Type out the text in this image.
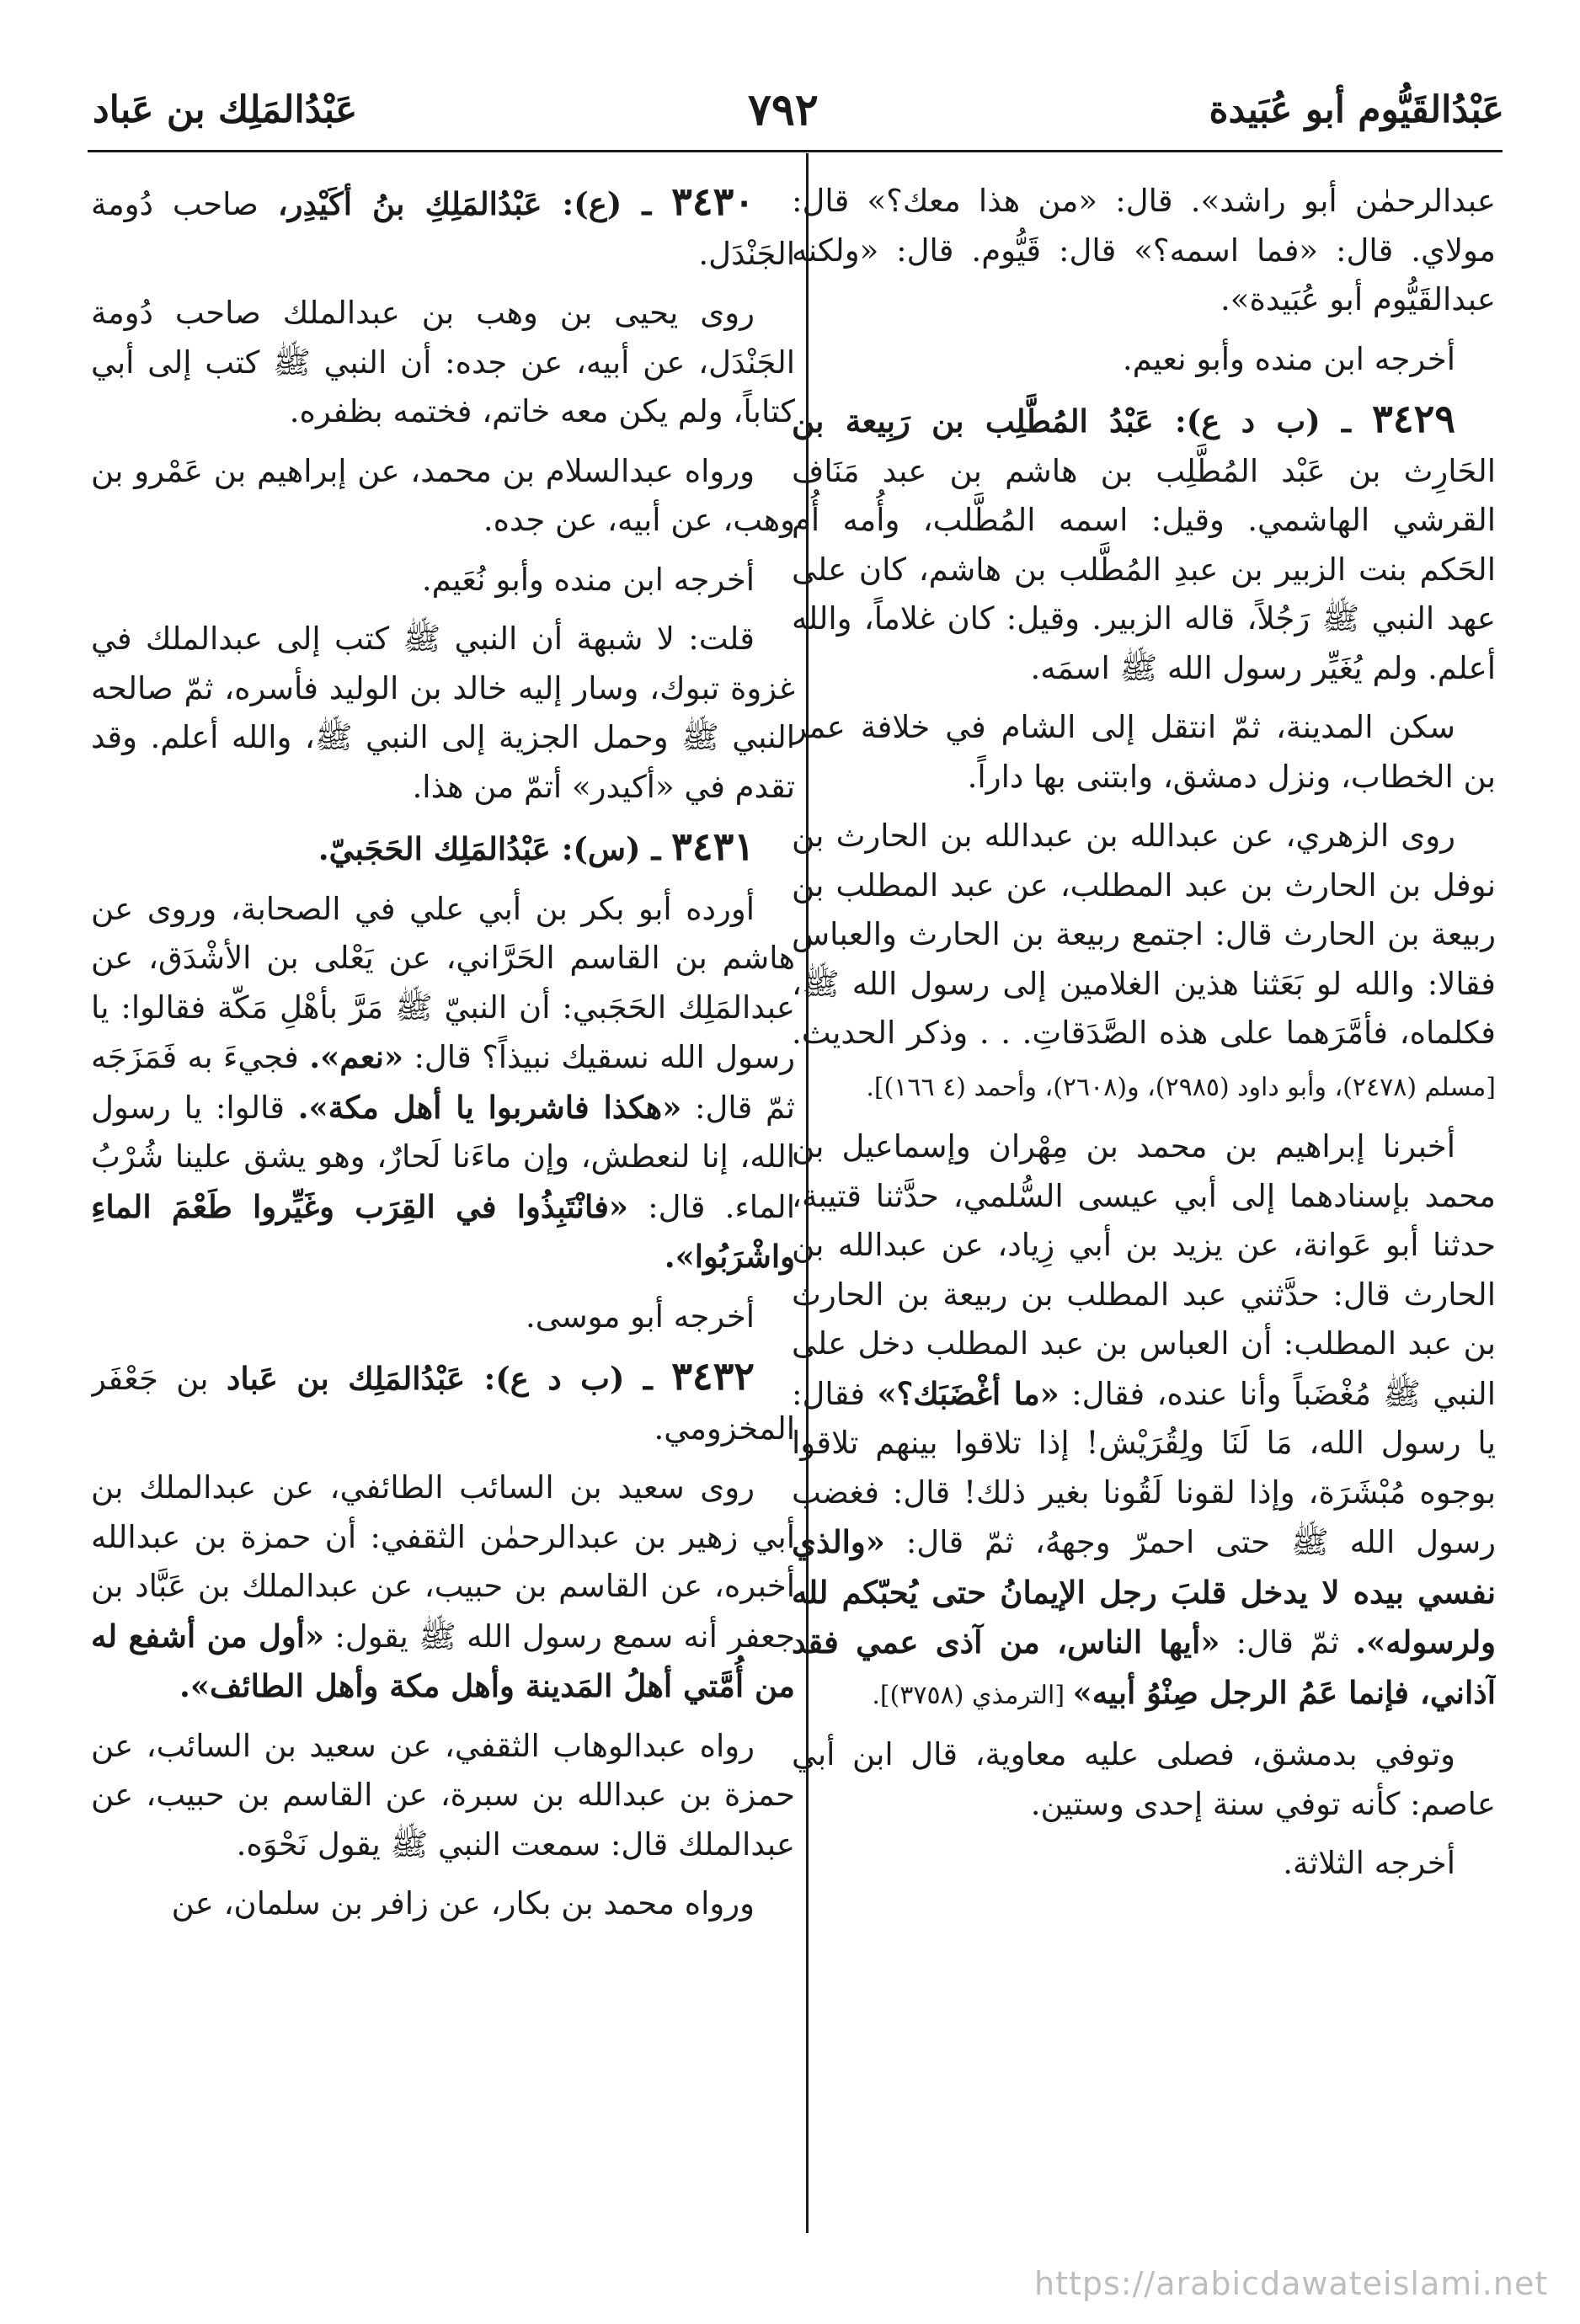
عَبْدُالقَيُّوم أبو عُبَيدة
٧٩٢
عَبْدُالمَلِك بن عَباد

عبدالرحمٰن أبو راشد». قال: «من هذا معك؟» قال: مولاي. قال: «فما اسمه؟» قال: قَيُّوم. قال: «ولكنه عبدالقَيُّوم أبو عُبَيدة».

أخرجه ابن منده وأبو نعيم.

٣٤٢٩ ـ (ب د ع): عَبْدُ المُطَّلِب بن رَبِيعة بن الحَارِث بن عَبْد المُطَّلِب بن هاشم بن عبد مَنَاف القرشي الهاشمي. وقيل: اسمه المُطَّلب، وأُمه أُم الحَكم بنت الزبير بن عبدِ المُطَّلب بن هاشم، كان على عهد النبي ﷺ رَجُلاً، قاله الزبير. وقيل: كان غلاماً، والله أعلم. ولم يُغَيِّر رسول الله ﷺ اسمَه.

سكن المدينة، ثمّ انتقل إلى الشام في خلافة عمر بن الخطاب، ونزل دمشق، وابتنى بها داراً.

روى الزهري، عن عبدالله بن عبدالله بن الحارث بن نوفل بن الحارث بن عبد المطلب، عن عبد المطلب بن ربيعة بن الحارث قال: اجتمع ربيعة بن الحارث والعباس فقالا: والله لو بَعَثنا هذين الغلامين إلى رسول الله ﷺ، فكلماه، فأمَّرَهما على هذه الصَّدَقاتِ. . . وذكر الحديث. [مسلم (٢٤٧٨)، وأبو داود (٢٩٨٥)، و(٢٦٠٨)، وأحمد (٤ ١٦٦)].

أخبرنا إبراهيم بن محمد بن مِهْران وإسماعيل بن محمد بإسنادهما إلى أبي عيسى السُّلمي، حدَّثنا قتيبة، حدثنا أبو عَوانة، عن يزيد بن أبي زِياد، عن عبدالله بن الحارث قال: حدَّثني عبد المطلب بن ربيعة بن الحارث بن عبد المطلب: أن العباس بن عبد المطلب دخل على النبي ﷺ مُغْضَباً وأنا عنده، فقال: «ما أغْضَبَك؟» فقال: يا رسول الله، مَا لَنَا ولِقُرَيْش! إذا تلاقوا بينهم تلاقوا بوجوه مُبْشَرَة، وإذا لقونا لَقُونا بغير ذلك! قال: فغضب رسول الله ﷺ حتى احمرّ وجههُ، ثمّ قال: «والذي نفسي بيده لا يدخل قلبَ رجل الإيمانُ حتى يُحبّكم لله ولرسوله». ثمّ قال: «أيها الناس، من آذى عمي فقد آذاني، فإنما عَمُ الرجل صِنْوُ أبيه» [الترمذي (٣٧٥٨)].

وتوفي بدمشق، فصلى عليه معاوية، قال ابن أبي عاصم: كأنه توفي سنة إحدى وستين.

أخرجه الثلاثة.

٣٤٣٠ ـ (ع): عَبْدُالمَلِكِ بنُ أكَيْدِر، صاحب دُومة الجَنْدَل.

روى يحيى بن وهب بن عبدالملك صاحب دُومة الجَنْدَل، عن أبيه، عن جده: أن النبي ﷺ كتب إلى أبي كتاباً، ولم يكن معه خاتم، فختمه بظفره.

ورواه عبدالسلام بن محمد، عن إبراهيم بن عَمْرو بن وهب، عن أبيه، عن جده.

أخرجه ابن منده وأبو نُعَيم.

قلت: لا شبهة أن النبي ﷺ كتب إلى عبدالملك في غزوة تبوك، وسار إليه خالد بن الوليد فأسره، ثمّ صالحه النبي ﷺ وحمل الجزية إلى النبي ﷺ، والله أعلم. وقد تقدم في «أكيدر» أتمّ من هذا.

٣٤٣١ ـ (س): عَبْدُالمَلِك الحَجَبيّ.

أورده أبو بكر بن أبي علي في الصحابة، وروى عن هاشم بن القاسم الحَرَّاني، عن يَعْلى بن الأشْدَق، عن عبدالمَلِك الحَجَبي: أن النبيّ ﷺ مَرَّ بأهْلِ مَكّة فقالوا: يا رسول الله نسقيك نبيذاً؟ قال: «نعم». فجيءَ به فَمَزَجَه ثمّ قال: «هكذا فاشربوا يا أهل مكة». قالوا: يا رسول الله، إنا لنعطش، وإن ماءَنا لَحارٌ، وهو يشق علينا شُرْبُ الماء. قال: «فانْتَبِذُوا في القِرَب وغَيِّروا طَعْمَ الماءِ واشْرَبُوا».

أخرجه أبو موسى.

٣٤٣٢ ـ (ب د ع): عَبْدُالمَلِك بن عَباد بن جَعْفَر المخزومي.

روى سعيد بن السائب الطائفي، عن عبدالملك بن أبي زهير بن عبدالرحمٰن الثقفي: أن حمزة بن عبدالله أخبره، عن القاسم بن حبيب، عن عبدالملك بن عَبَّاد بن جعفر أنه سمع رسول الله ﷺ يقول: «أول من أشفع له من أُمَّتي أهلُ المَدينة وأهل مكة وأهل الطائف».

رواه عبدالوهاب الثقفي، عن سعيد بن السائب، عن حمزة بن عبدالله بن سبرة، عن القاسم بن حبيب، عن عبدالملك قال: سمعت النبي ﷺ يقول نَحْوَه.

ورواه محمد بن بكار، عن زافر بن سلمان، عن

https://arabicdawateislami.net
